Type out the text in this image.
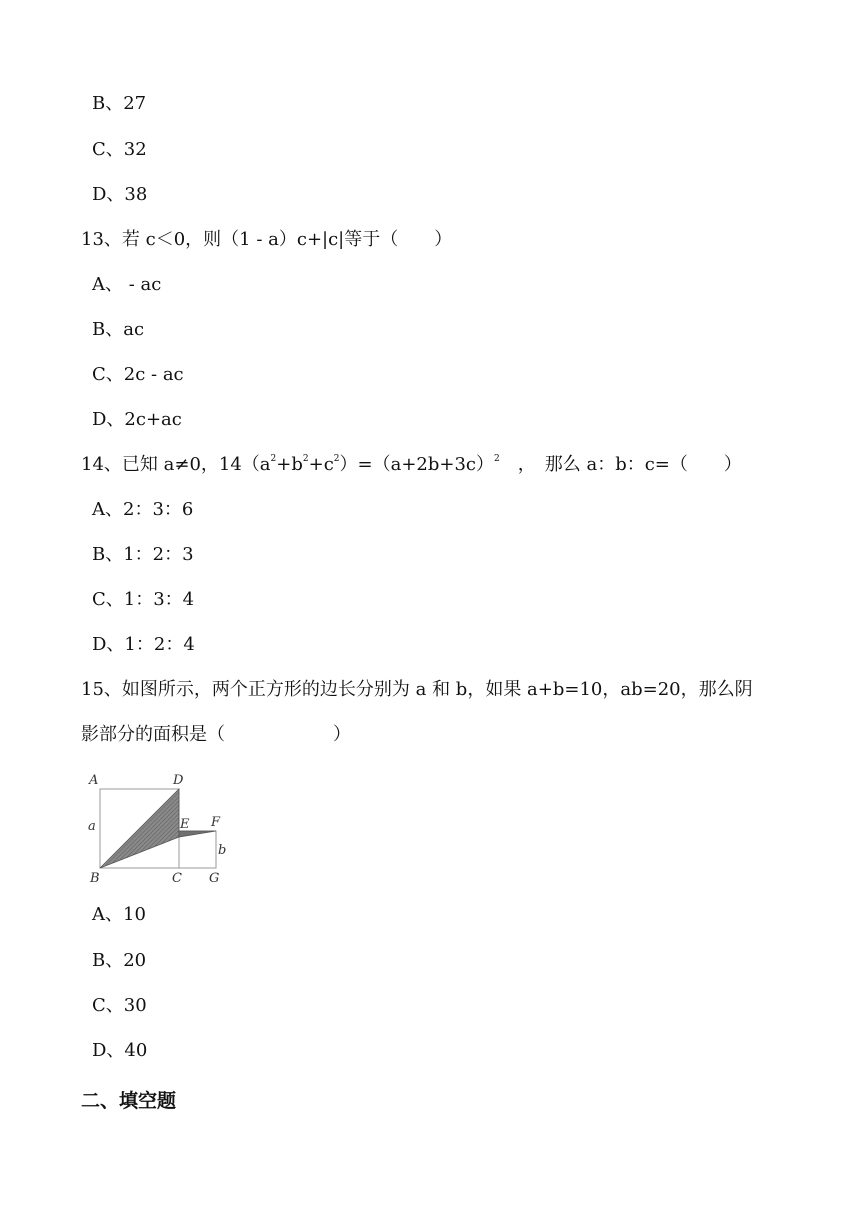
B、27
C、32
D、38
13、若 c＜0，则（1 - a）c+|c|等于（　　）
A、 - ac
B、ac
C、2c - ac
D、2c+ac
14、已知 a≠0，$14(a^2+b^2+c^2)=(a+2b+3c)^2$　，　那么 a：b：c=（　　）
A、2：3：6
B、1：2：3
C、1：3：4
D、1：2：4
15、如图所示，两个正方形的边长分别为 a 和 b，如果 a+b=10，ab=20，那么阴
影部分的面积是（　　　　　　）
A	D
E F
B	C G
a
b
A、10
B、20
C、30
D、40
二、填空题
